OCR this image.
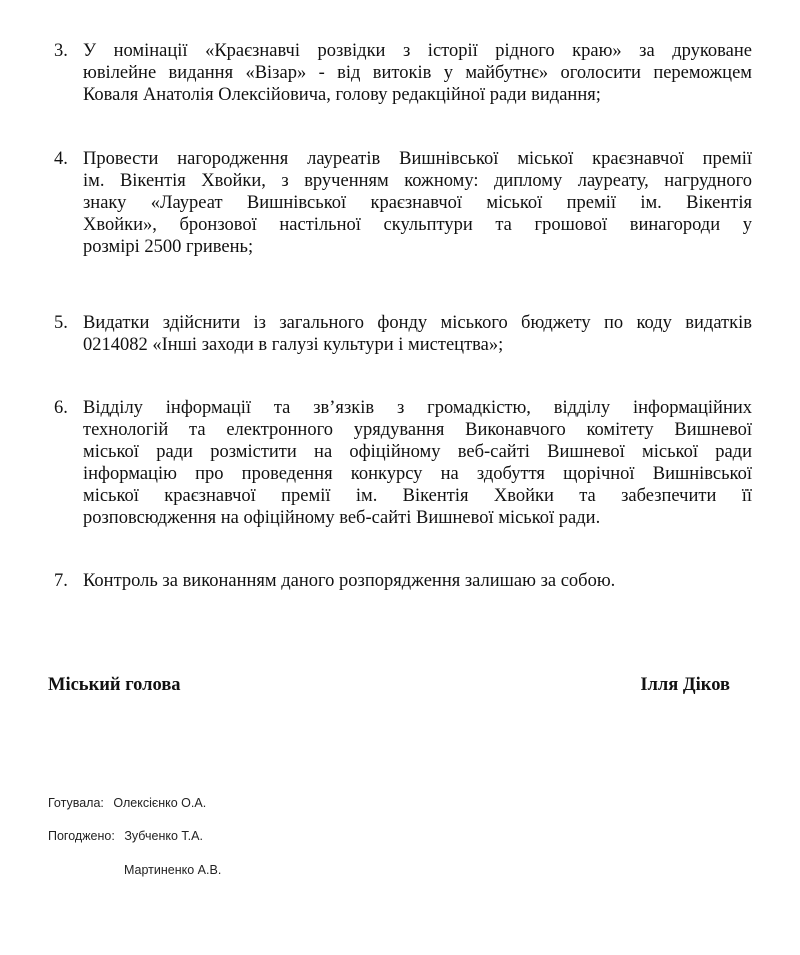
3. У номінації «Краєзнавчі розвідки з історії рідного краю» за друковане
ювілейне видання «Візар» - від витоків у майбутнє» оголосити переможцем
Коваля Анатолія Олексійовича, голову редакційної ради видання;
4. Провести нагородження лауреатів Вишнівської міської краєзнавчої премії
ім. Вікентія Хвойки, з врученням кожному: диплому лауреату, нагрудного
знаку «Лауреат Вишнівської краєзнавчої міської премії ім. Вікентія
Хвойки», бронзової настільної скульптури та грошової винагороди у
розмірі 2500 гривень;
5. Видатки здійснити із загального фонду міського бюджету по коду видатків
0214082 «Інші заходи в галузі культури і мистецтва»;
6. Відділу інформації та зв’язків з громадкістю, відділу інформаційних
технологій та електронного урядування Виконавчого комітету Вишневої
міської ради розмістити на офіційному веб-сайті Вишневої міської ради
інформацію про проведення конкурсу на здобуття щорічної Вишнівської
міської краєзнавчої премії ім. Вікентія Хвойки та забезпечити її
розповсюдження на офіційному веб-сайті Вишневої міської ради.
7. Контроль за виконанням даного розпорядження залишаю за собою.
Міський голова	Ілля Діков
Готувала: Олексієнко О.А.
Погоджено: Зубченко Т.А.
Мартиненко А.В.
